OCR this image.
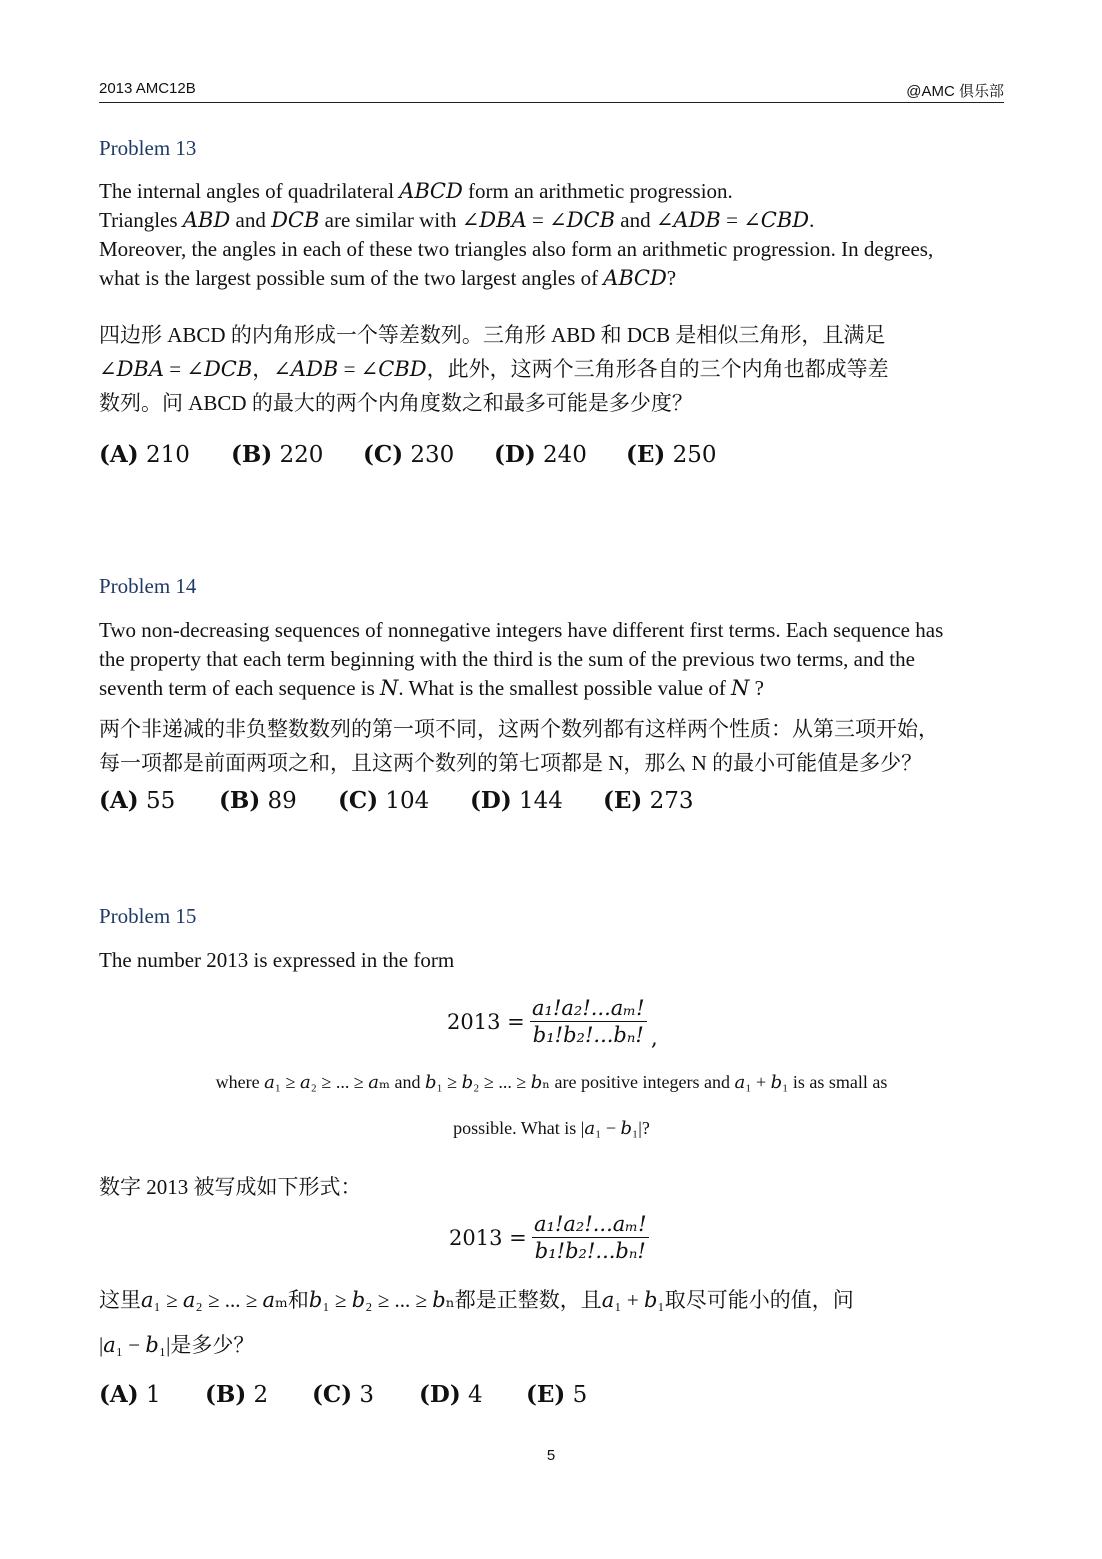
2013 AMC12B	@AMC 俱乐部
Problem 13

The internal angles of quadrilateral 𝐴𝐵𝐶𝐷 form an arithmetic progression.

Triangles 𝐴𝐵𝐷 and 𝐷𝐶𝐵 are similar with ∠𝐷𝐵𝐴 = ∠𝐷𝐶𝐵 and ∠𝐴𝐷𝐵 = ∠𝐶𝐵𝐷.

Moreover, the angles in each of these two triangles also form an arithmetic progression. In degrees,

what is the largest possible sum of the two largest angles of 𝐴𝐵𝐶𝐷?

四边形 ABCD 的内角形成一个等差数列。三角形 ABD 和 DCB 是相似三角形，且满足

∠𝐷𝐵𝐴 = ∠𝐷𝐶𝐵，∠𝐴𝐷𝐵 = ∠𝐶𝐵𝐷，此外，这两个三角形各自的三个内角也都成等差

数列。问 ABCD 的最大的两个内角度数之和最多可能是多少度？

(A) 210 (B) 220 (C) 230 (D) 240 (E) 250
Problem 14

Two non-decreasing sequences of nonnegative integers have different first terms. Each sequence has

the property that each term beginning with the third is the sum of the previous two terms, and the

seventh term of each sequence is 𝑁. What is the smallest possible value of 𝑁 ?

两个非递减的非负整数数列的第一项不同，这两个数列都有这样两个性质：从第三项开始，

每一项都是前面两项之和，且这两个数列的第七项都是 N，那么 N 的最小可能值是多少？

(A) 55 (B) 89 (C) 104 (D) 144 (E) 273
Problem 15
The number 2013 is expressed in the form
2013 =
a₁!a₂!...aₘ!
b₁!b₂!...bₙ! ,
where 𝑎₁ ≥ 𝑎₂ ≥ ... ≥ 𝑎ₘ and 𝑏₁ ≥ 𝑏₂ ≥ ... ≥ 𝑏ₙ are positive integers and 𝑎₁ + 𝑏₁ is as small as
possible. What is |𝑎₁ − 𝑏₁|?
数字 2013 被写成如下形式：
2013 =
a₁!a₂!...aₘ!
b₁!b₂!...bₙ!
这里𝑎₁ ≥ 𝑎₂ ≥ ... ≥ 𝑎ₘ和𝑏₁ ≥ 𝑏₂ ≥ ... ≥ 𝑏ₙ都是正整数，且𝑎₁ + 𝑏₁取尽可能小的值，问
|𝑎₁ − 𝑏₁|是多少？
(A) 1 (B) 2 (C) 3 (D) 4 (E) 5
5
